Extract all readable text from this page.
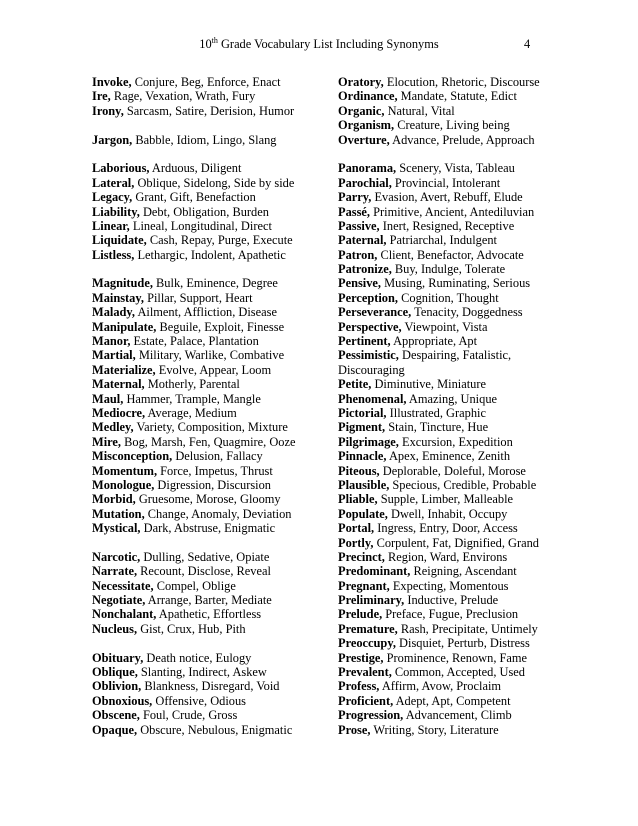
10th Grade Vocabulary List Including Synonyms	4
Invoke, Conjure, Beg, Enforce, Enact
Ire, Rage, Vexation, Wrath, Fury
Irony, Sarcasm, Satire, Derision, Humor
Jargon, Babble, Idiom, Lingo, Slang
Laborious, Arduous, Diligent
Lateral, Oblique, Sidelong, Side by side
Legacy, Grant, Gift, Benefaction
Liability, Debt, Obligation, Burden
Linear, Lineal, Longitudinal, Direct
Liquidate, Cash, Repay, Purge, Execute
Listless, Lethargic, Indolent, Apathetic
Magnitude, Bulk, Eminence, Degree
Mainstay, Pillar, Support, Heart
Malady, Ailment, Affliction, Disease
Manipulate, Beguile, Exploit, Finesse
Manor, Estate, Palace, Plantation
Martial, Military, Warlike, Combative
Materialize, Evolve, Appear, Loom
Maternal, Motherly, Parental
Maul, Hammer, Trample, Mangle
Mediocre, Average, Medium
Medley, Variety, Composition, Mixture
Mire, Bog, Marsh, Fen, Quagmire, Ooze
Misconception, Delusion, Fallacy
Momentum, Force, Impetus, Thrust
Monologue, Digression, Discursion
Morbid, Gruesome, Morose, Gloomy
Mutation, Change, Anomaly, Deviation
Mystical, Dark, Abstruse, Enigmatic
Narcotic, Dulling, Sedative, Opiate
Narrate, Recount, Disclose, Reveal
Necessitate, Compel, Oblige
Negotiate, Arrange, Barter, Mediate
Nonchalant, Apathetic, Effortless
Nucleus, Gist, Crux, Hub, Pith
Obituary, Death notice, Eulogy
Oblique, Slanting, Indirect, Askew
Oblivion, Blankness, Disregard, Void
Obnoxious, Offensive, Odious
Obscene, Foul, Crude, Gross
Opaque, Obscure, Nebulous, Enigmatic
Oratory, Elocution, Rhetoric, Discourse
Ordinance, Mandate, Statute, Edict
Organic, Natural, Vital
Organism, Creature, Living being
Overture, Advance, Prelude, Approach
Panorama, Scenery, Vista, Tableau
Parochial, Provincial, Intolerant
Parry, Evasion, Avert, Rebuff, Elude
Passé, Primitive, Ancient, Antediluvian
Passive, Inert, Resigned, Receptive
Paternal, Patriarchal, Indulgent
Patron, Client, Benefactor, Advocate
Patronize, Buy, Indulge, Tolerate
Pensive, Musing, Ruminating, Serious
Perception, Cognition, Thought
Perseverance, Tenacity, Doggedness
Perspective, Viewpoint, Vista
Pertinent, Appropriate, Apt
Pessimistic, Despairing, Fatalistic,
Discouraging
Petite, Diminutive, Miniature
Phenomenal, Amazing, Unique
Pictorial, Illustrated, Graphic
Pigment, Stain, Tincture, Hue
Pilgrimage, Excursion, Expedition
Pinnacle, Apex, Eminence, Zenith
Piteous, Deplorable, Doleful, Morose
Plausible, Specious, Credible, Probable
Pliable, Supple, Limber, Malleable
Populate, Dwell, Inhabit, Occupy
Portal, Ingress, Entry, Door, Access
Portly, Corpulent, Fat, Dignified, Grand
Precinct, Region, Ward, Environs
Predominant, Reigning, Ascendant
Pregnant, Expecting, Momentous
Preliminary, Inductive, Prelude
Prelude, Preface, Fugue, Preclusion
Premature, Rash, Precipitate, Untimely
Preoccupy, Disquiet, Perturb, Distress
Prestige, Prominence, Renown, Fame
Prevalent, Common, Accepted, Used
Profess, Affirm, Avow, Proclaim
Proficient, Adept, Apt, Competent
Progression, Advancement, Climb
Prose, Writing, Story, Literature
